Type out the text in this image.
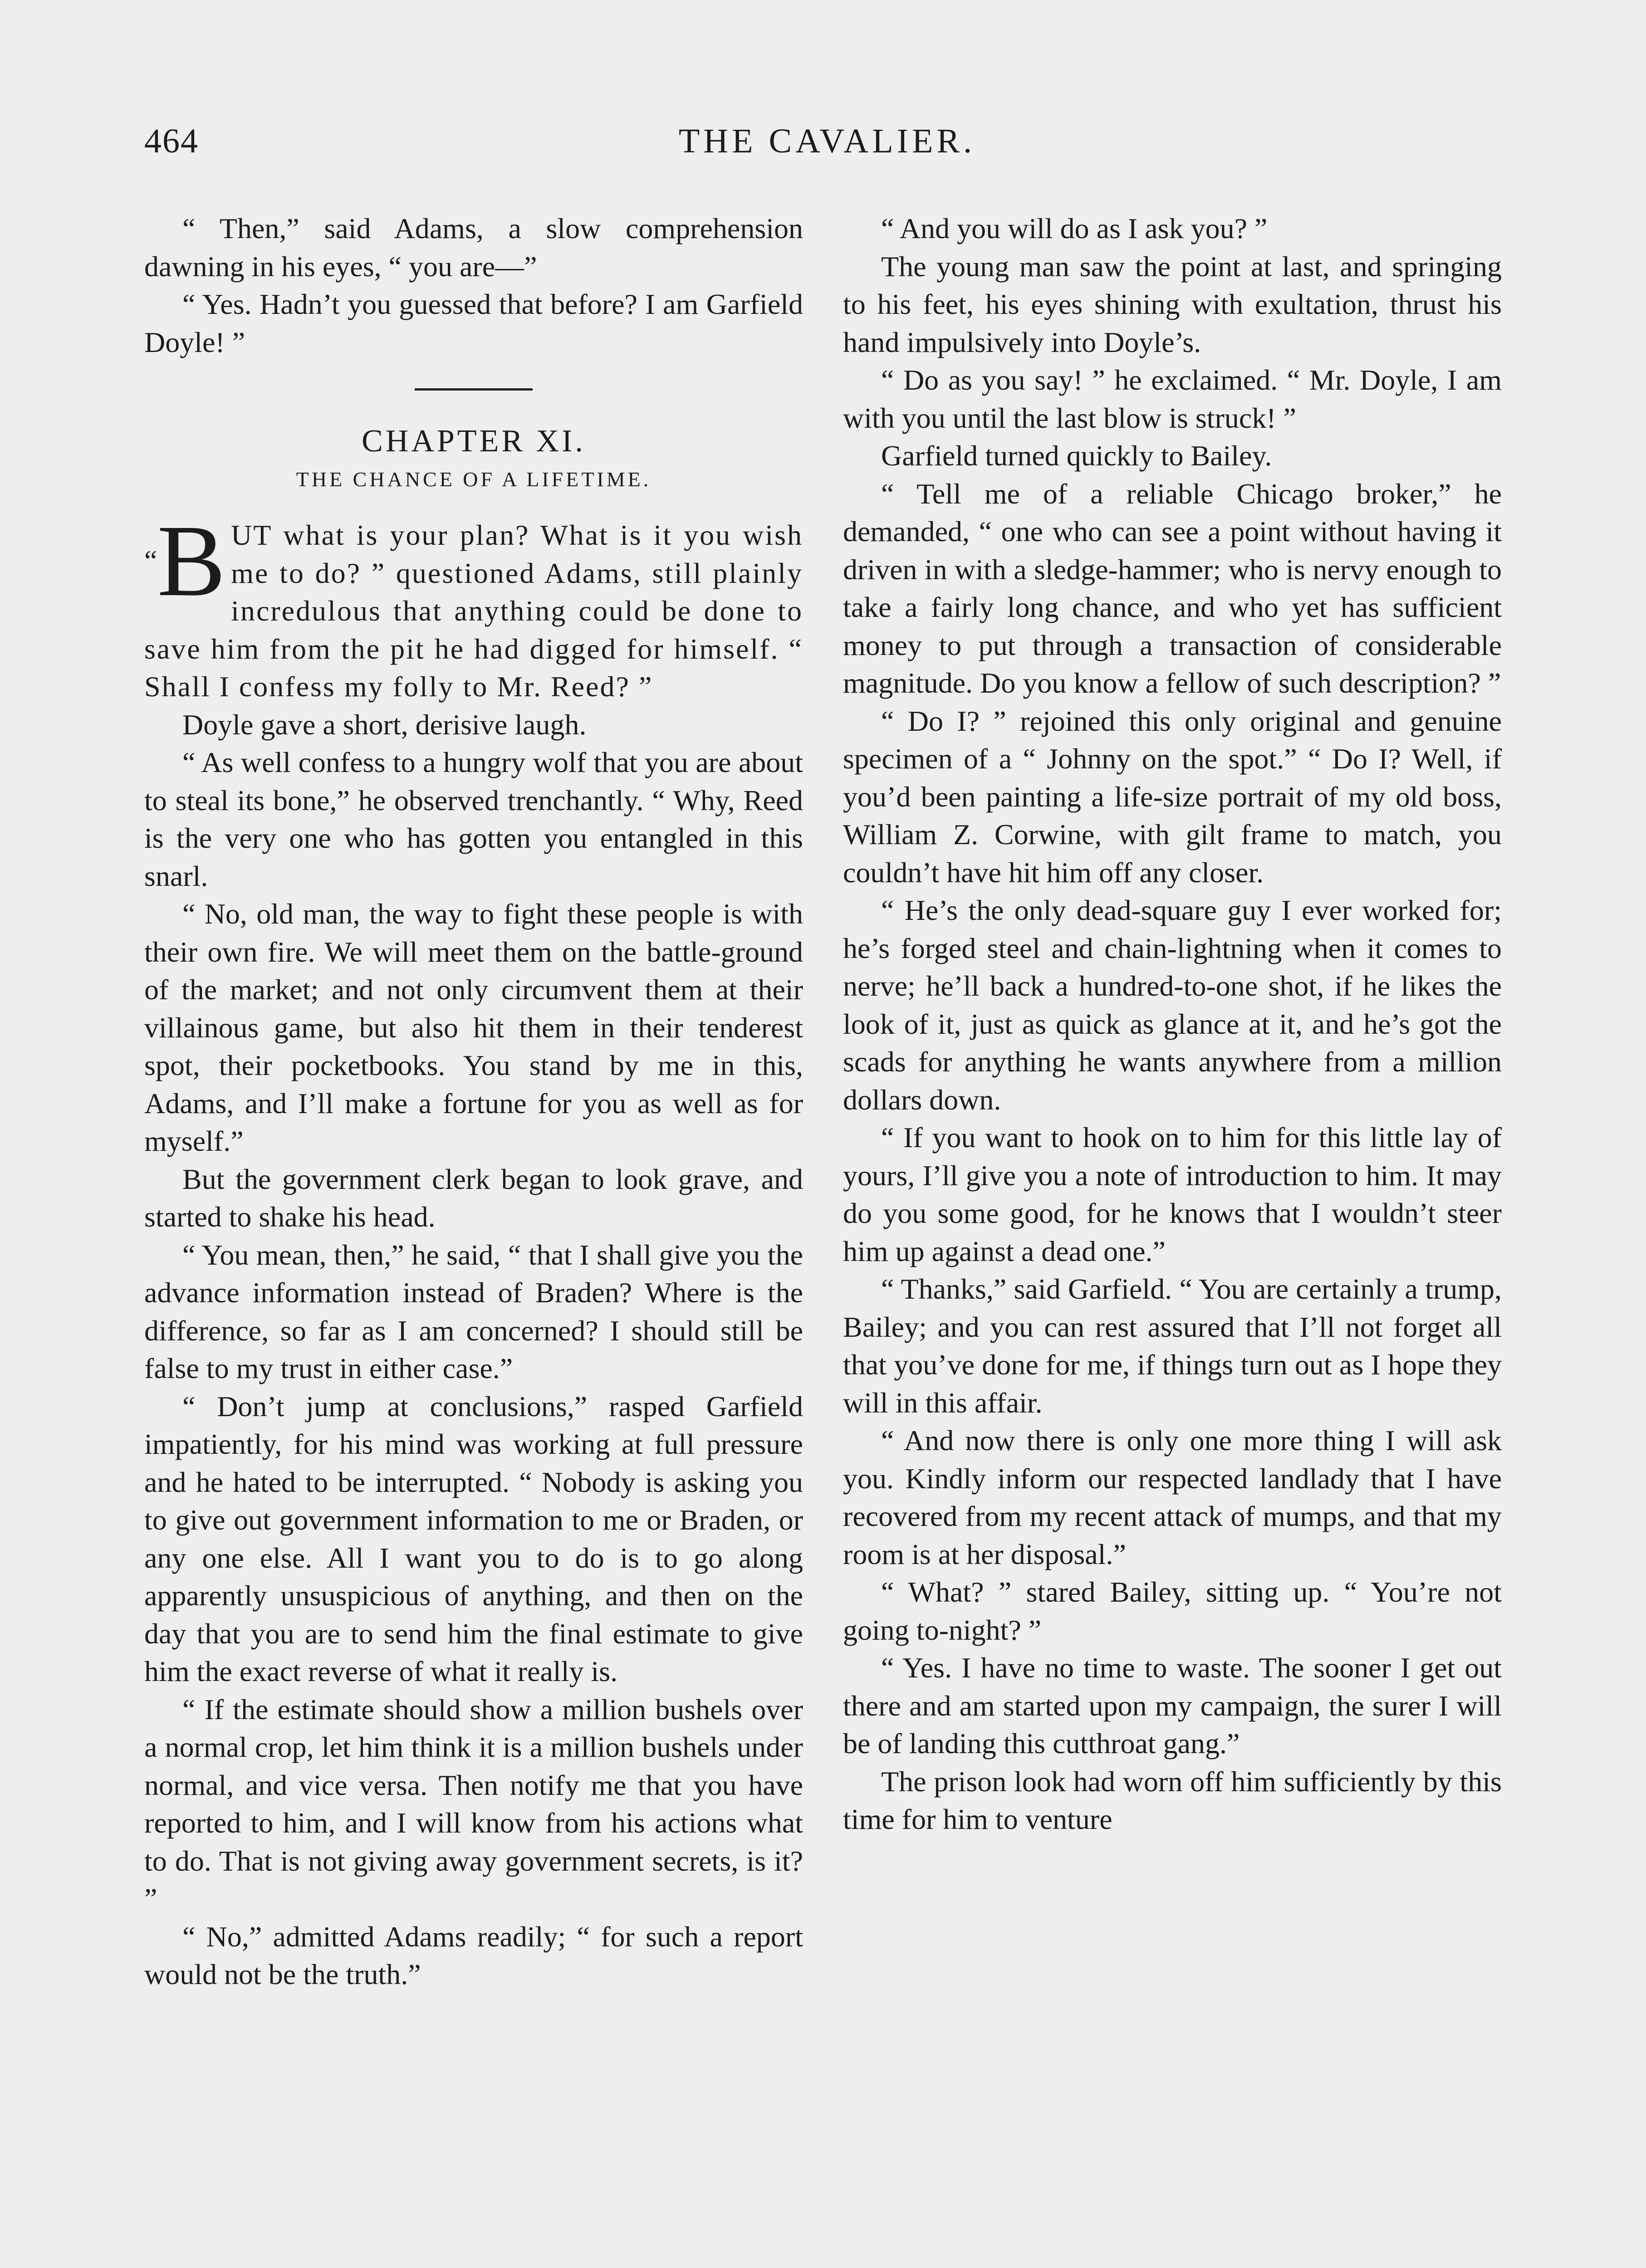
464	THE CAVALIER.

“ Then,” said Adams, a slow comprehension dawning in his eyes, “ you are—”

“ Yes. Hadn’t you guessed that before? I am Garfield Doyle! ”

CHAPTER XI.

THE CHANCE OF A LIFETIME.

“B UT what is your plan? What is it you wish me to do? ” questioned Adams, still plainly incredulous that anything could be done to save him from the pit he had digged for himself. “ Shall I confess my folly to Mr. Reed? ”

Doyle gave a short, derisive laugh.

“ As well confess to a hungry wolf that you are about to steal its bone,” he observed trenchantly. “ Why, Reed is the very one who has gotten you entangled in this snarl.

“ No, old man, the way to fight these people is with their own fire. We will meet them on the battle-ground of the market; and not only circumvent them at their villainous game, but also hit them in their tenderest spot, their pocketbooks. You stand by me in this, Adams, and I’ll make a fortune for you as well as for myself.”

But the government clerk began to look grave, and started to shake his head.

“ You mean, then,” he said, “ that I shall give you the advance information instead of Braden? Where is the difference, so far as I am concerned? I should still be false to my trust in either case.”

“ Don’t jump at conclusions,” rasped Garfield impatiently, for his mind was working at full pressure and he hated to be interrupted. “ Nobody is asking you to give out government information to me or Braden, or any one else. All I want you to do is to go along apparently unsuspicious of anything, and then on the day that you are to send him the final estimate to give him the exact reverse of what it really is.

“ If the estimate should show a million bushels over a normal crop, let him think it is a million bushels under normal, and vice versa. Then notify me that you have reported to him, and I will know from his actions what to do. That is not giving away government secrets, is it? ”

“ No,” admitted Adams readily; “ for such a report would not be the truth.”

“ And you will do as I ask you? ”

The young man saw the point at last, and springing to his feet, his eyes shining with exultation, thrust his hand impulsively into Doyle’s.

“ Do as you say! ” he exclaimed. “ Mr. Doyle, I am with you until the last blow is struck! ”

Garfield turned quickly to Bailey.

“ Tell me of a reliable Chicago broker,” he demanded, “ one who can see a point without having it driven in with a sledge-hammer; who is nervy enough to take a fairly long chance, and who yet has sufficient money to put through a transaction of considerable magnitude. Do you know a fellow of such description? ”

“ Do I? ” rejoined this only original and genuine specimen of a “ Johnny on the spot.” “ Do I? Well, if you’d been painting a life-size portrait of my old boss, William Z. Corwine, with gilt frame to match, you couldn’t have hit him off any closer.

“ He’s the only dead-square guy I ever worked for; he’s forged steel and chain-lightning when it comes to nerve; he’ll back a hundred-to-one shot, if he likes the look of it, just as quick as glance at it, and he’s got the scads for anything he wants anywhere from a million dollars down.

“ If you want to hook on to him for this little lay of yours, I’ll give you a note of introduction to him. It may do you some good, for he knows that I wouldn’t steer him up against a dead one.”

“ Thanks,” said Garfield. “ You are certainly a trump, Bailey; and you can rest assured that I’ll not forget all that you’ve done for me, if things turn out as I hope they will in this affair.

“ And now there is only one more thing I will ask you. Kindly inform our respected landlady that I have recovered from my recent attack of mumps, and that my room is at her disposal.”

“ What? ” stared Bailey, sitting up. “ You’re not going to-night? ”

“ Yes. I have no time to waste. The sooner I get out there and am started upon my campaign, the surer I will be of landing this cutthroat gang.”

The prison look had worn off him sufficiently by this time for him to venture
